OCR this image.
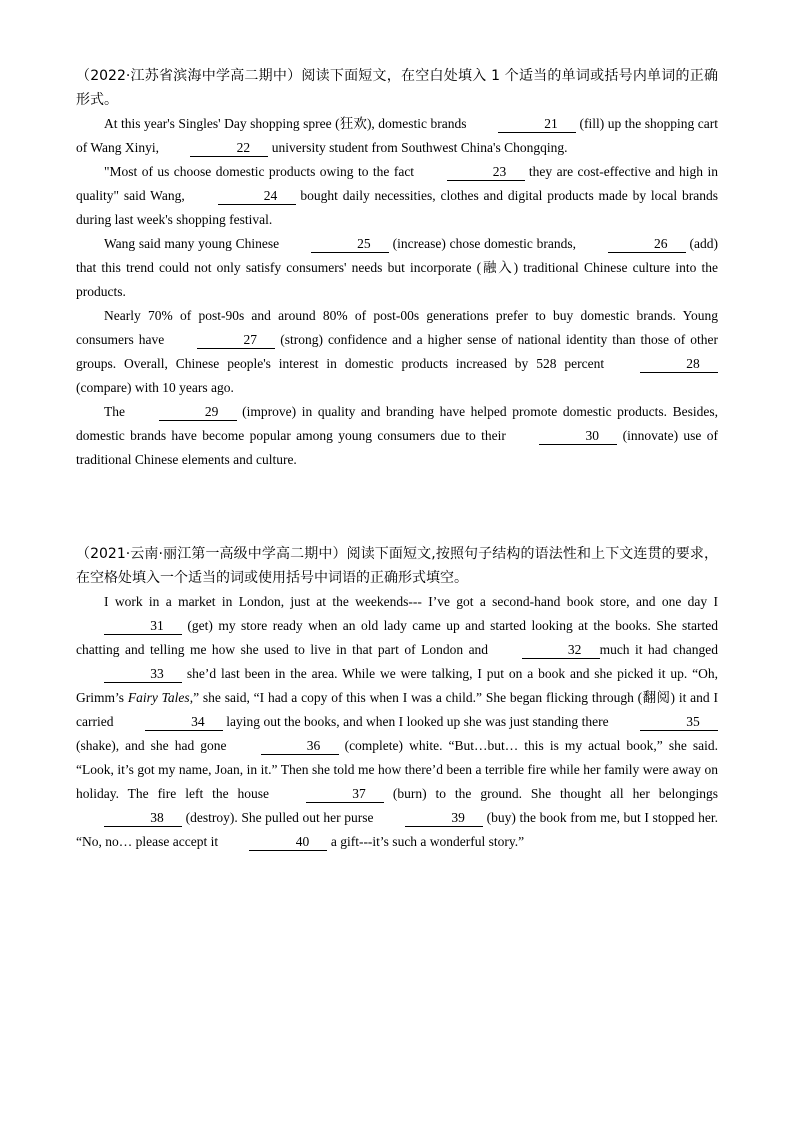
（2022·江苏省滨海中学高二期中）阅读下面短文，在空白处填入 1 个适当的单词或括号内单词的正确形式。

At this year's Singles' Day shopping spree (狂欢), domestic brands	21 (fill) up the shopping cart of Wang Xinyi,	22 university student from Southwest China's Chongqing.

"Most of us choose domestic products owing to the fact	23 they are cost-effective and high in quality" said Wang,	24 bought daily necessities, clothes and digital products made by local brands during last week's shopping festival.

Wang said many young Chinese	25 (increase) chose domestic brands,	26 (add) that this trend could not only satisfy consumers' needs but incorporate (融入) traditional Chinese culture into the products.

Nearly 70% of post-90s and around 80% of post-00s generations prefer to buy domestic brands. Young consumers have	27 (strong) confidence and a higher sense of national identity than those of other groups. Overall, Chinese people's interest in domestic products increased by 528 percent	28 (compare) with 10 years ago.

The	29 (improve) in quality and branding have helped promote domestic products. Besides, domestic brands have become popular among young consumers due to their	30 (innovate) use of traditional Chinese elements and culture.

（2021·云南·丽江第一高级中学高二期中）阅读下面短文,按照句子结构的语法性和上下文连贯的要求，在空格处填入一个适当的词或使用括号中词语的正确形式填空。

I work in a market in London, just at the weekends--- I’ve got a second-hand book store, and one day I 31 (get) my store ready when an old lady came up and started looking at the books. She started chatting and telling me how she used to live in that part of London and	32 much it had changed 33 she’d last been in the area. While we were talking, I put on a book and she picked it up. “Oh, Grimm’s Fairy Tales,” she said, “I had a copy of this when I was a child.” She began flicking through (翻阅) it and I carried	34 laying out the books, and when I looked up she was just standing there	35 (shake), and she had gone	36 (complete) white. “But…but… this is my actual book,” she said. “Look, it’s got my name, Joan, in it.” Then she told me how there’d been a terrible fire while her family were away on holiday. The fire left the house	37 (burn) to the ground. She thought all her belongings 38 (destroy). She pulled out her purse	39 (buy) the book from me, but I stopped her. “No, no… please accept it	40 a gift---it’s such a wonderful story.”
